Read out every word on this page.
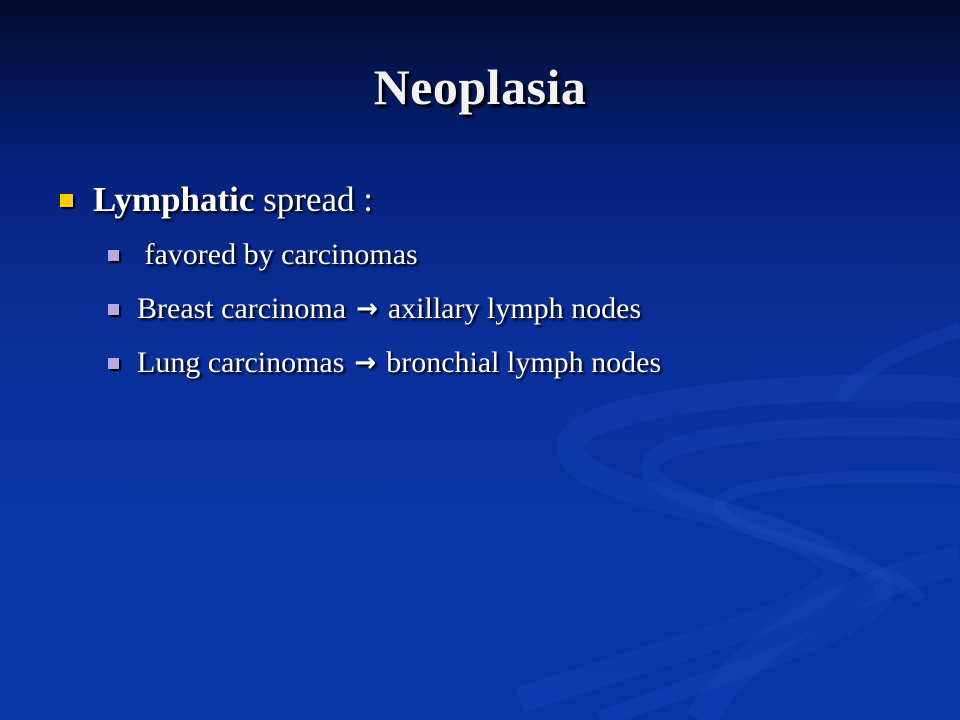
Neoplasia
Lymphatic spread :
favored by carcinomas
Breast carcinoma → axillary lymph nodes
Lung carcinomas → bronchial lymph nodes
